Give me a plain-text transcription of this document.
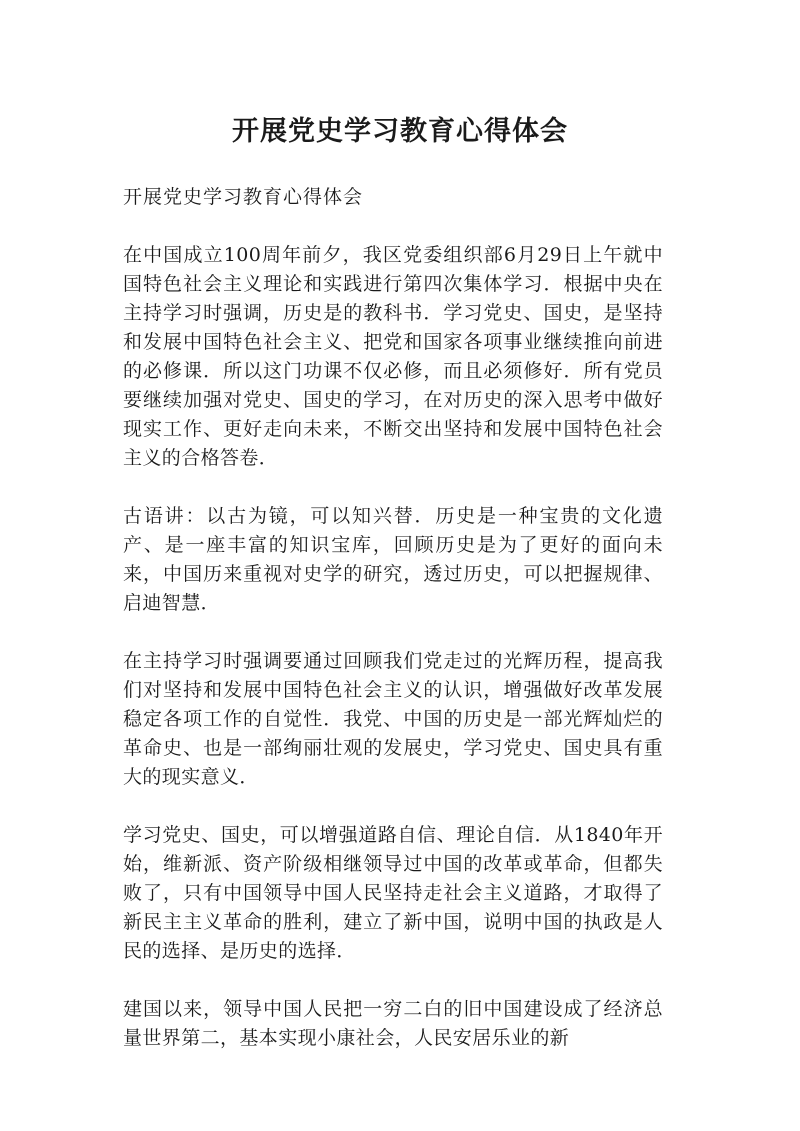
开展党史学习教育心得体会

开展党史学习教育心得体会

在中国成立100周年前夕，我区党委组织部6月29日上午就中国特色社会主义理论和实践进行第四次集体学习．根据中央在主持学习时强调，历史是的教科书．学习党史、国史，是坚持和发展中国特色社会主义、把党和国家各项事业继续推向前进的必修课．所以这门功课不仅必修，而且必须修好．所有党员要继续加强对党史、国史的学习，在对历史的深入思考中做好现实工作、更好走向未来，不断交出坚持和发展中国特色社会主义的合格答卷．

古语讲：以古为镜，可以知兴替．历史是一种宝贵的文化遗产、是一座丰富的知识宝库，回顾历史是为了更好的面向未来，中国历来重视对史学的研究，透过历史，可以把握规律、启迪智慧．

在主持学习时强调要通过回顾我们党走过的光辉历程，提高我们对坚持和发展中国特色社会主义的认识，增强做好改革发展稳定各项工作的自觉性．我党、中国的历史是一部光辉灿烂的革命史、也是一部绚丽壮观的发展史，学习党史、国史具有重大的现实意义．

学习党史、国史，可以增强道路自信、理论自信．从1840年开始，维新派、资产阶级相继领导过中国的改革或革命，但都失败了，只有中国领导中国人民坚持走社会主义道路，才取得了新民主主义革命的胜利，建立了新中国，说明中国的执政是人民的选择、是历史的选择．

建国以来，领导中国人民把一穷二白的旧中国建设成了经济总量世界第二，基本实现小康社会，人民安居乐业的新
